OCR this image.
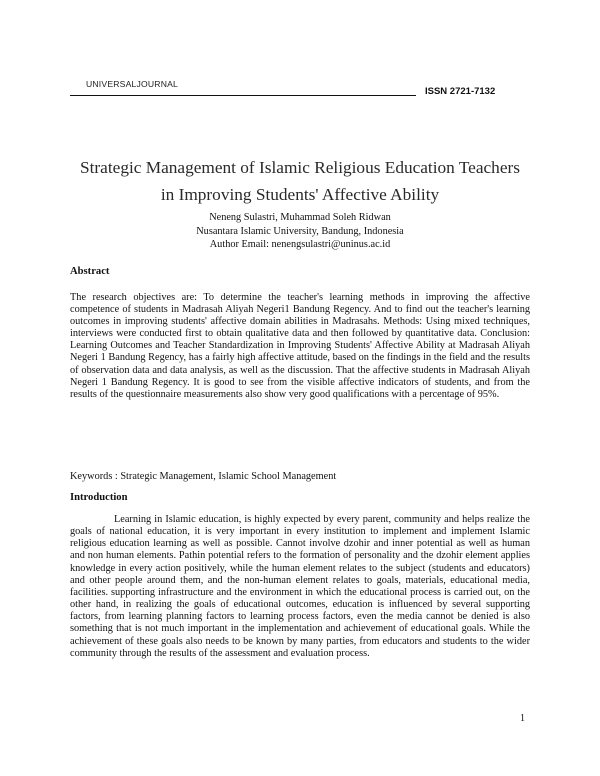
UNIVERSALJOURNAL
ISSN 2721-7132
Strategic Management of Islamic Religious Education Teachers
in Improving Students' Affective Ability
Neneng Sulastri, Muhammad Soleh Ridwan
Nusantara Islamic University, Bandung, Indonesia
Author Email: nenengsulastri@uninus.ac.id
Abstract
The research objectives are: To determine the teacher's learning methods in improving the affective competence of students in Madrasah Aliyah Negeri1 Bandung Regency. And to find out the teacher's learning outcomes in improving students' affective domain abilities in Madrasahs. Methods: Using mixed techniques, interviews were conducted first to obtain qualitative data and then followed by quantitative data. Conclusion: Learning Outcomes and Teacher Standardization in Improving Students' Affective Ability at Madrasah Aliyah Negeri 1 Bandung Regency, has a fairly high affective attitude, based on the findings in the field and the results of observation data and data analysis, as well as the discussion. That the affective students in Madrasah Aliyah Negeri 1 Bandung Regency. It is good to see from the visible affective indicators of students, and from the results of the questionnaire measurements also show very good qualifications with a percentage of 95%.
Keywords : Strategic Management, Islamic School Management
Introduction
Learning in Islamic education, is highly expected by every parent, community and helps realize the goals of national education, it is very important in every institution to implement and implement Islamic religious education learning as well as possible. Cannot involve dzohir and inner potential as well as human and non human elements. Pathin potential refers to the formation of personality and the dzohir element applies knowledge in every action positively, while the human element relates to the subject (students and educators) and other people around them, and the non-human element relates to goals, materials, educational media, facilities. supporting infrastructure and the environment in which the educational process is carried out, on the other hand, in realizing the goals of educational outcomes, education is influenced by several supporting factors, from learning planning factors to learning process factors, even the media cannot be denied is also something that is not much important in the implementation and achievement of educational goals. While the achievement of these goals also needs to be known by many parties, from educators and students to the wider community through the results of the assessment and evaluation process.
1
